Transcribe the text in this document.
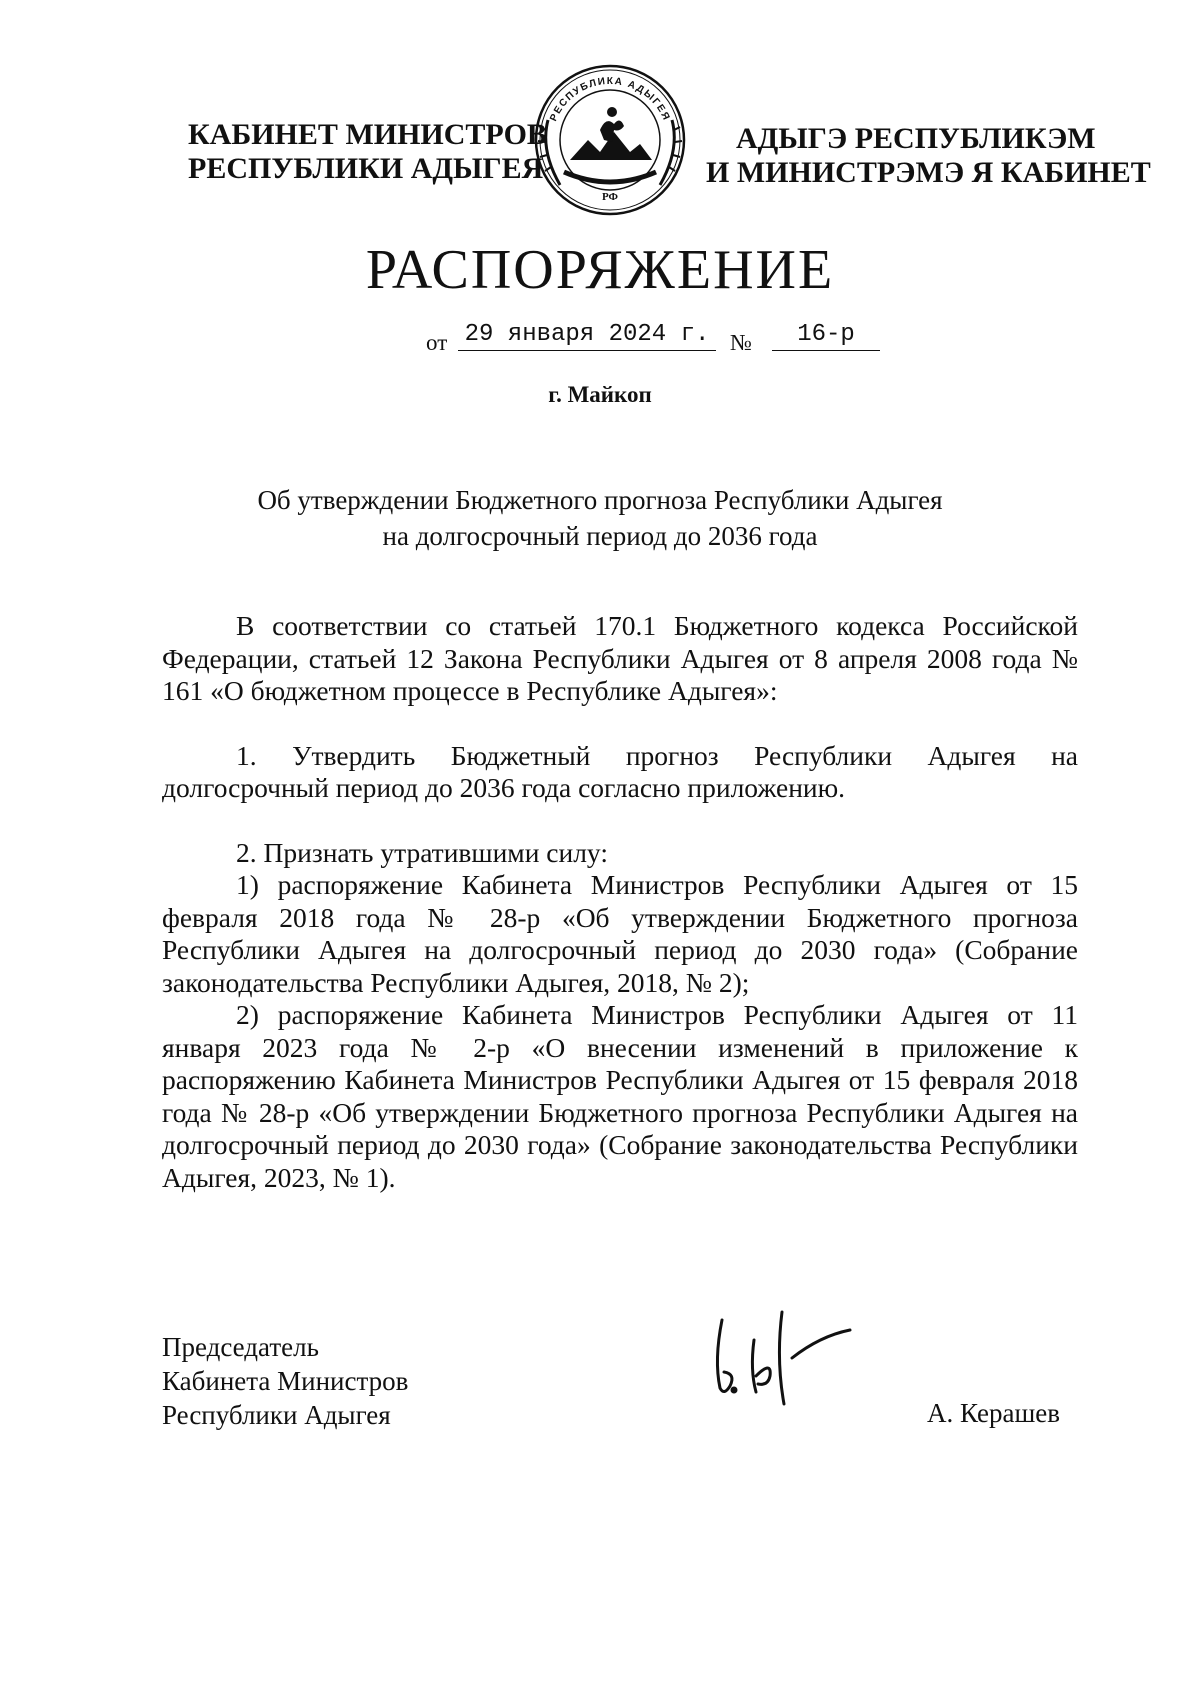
КАБИНЕТ МИНИСТРОВ
РЕСПУБЛИКИ АДЫГЕЯ
РФ
РЕСПУБЛИКА АДЫГЕЯ
АДЫГЭ РЕСПУБЛИКЭМ
И МИНИСТРЭМЭ Я КАБИНЕТ
РАСПОРЯЖЕНИЕ
от 29 января 2024 г. №	16-р
г. Майкоп
Об утверждении Бюджетного прогноза Республики Адыгея
на долгосрочный период до 2036 года

В соответствии со статьей 170.1 Бюджетного кодекса Российской Федерации, статьей 12 Закона Республики Адыгея от 8 апреля 2008 года № 161 «О бюджетном процессе в Республике Адыгея»:

1. Утвердить Бюджетный прогноз Республики Адыгея на долгосрочный период до 2036 года согласно приложению.

2. Признать утратившими силу:

1) распоряжение Кабинета Министров Республики Адыгея от 15 февраля 2018 года № 28-р «Об утверждении Бюджетного прогноза Республики Адыгея на долгосрочный период до 2030 года» (Собрание законодательства Республики Адыгея, 2018, № 2);

2) распоряжение Кабинета Министров Республики Адыгея от 11 января 2023 года № 2-р «О внесении изменений в приложение к распоряжению Кабинета Министров Республики Адыгея от 15 февраля 2018 года № 28-р «Об утверждении Бюджетного прогноза Республики Адыгея на долгосрочный период до 2030 года» (Собрание законодательства Республики Адыгея, 2023, № 1).

Председатель
Кабинета Министров
Республики Адыгея	А. Керашев
